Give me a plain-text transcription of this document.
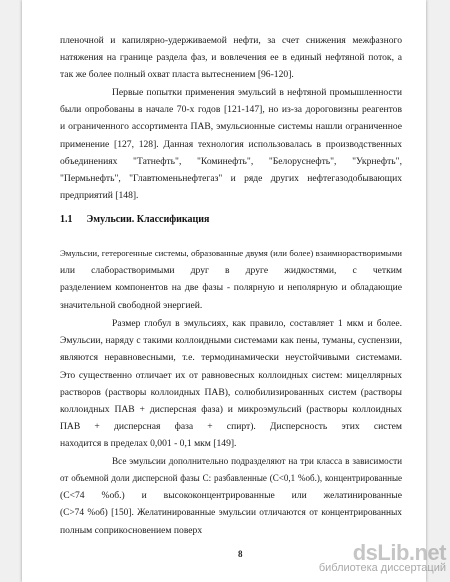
пленочной и капилярно-удерживаемой нефти, за счет снижения межфазного
натяжения на границе раздела фаз, и вовлечения ее в единый нефтяной поток, а
так же более полный охват пласта вытеснением [96-120].
Первые попытки применения эмульсий в нефтяной промышленности
были опробованы в начале 70-х годов [121-147], но из-за дороговизны реагентов
и ограниченного ассортимента ПАВ, эмульсионные системы нашли ограниченное
применение [127, 128]. Данная технология использовалась в производственных
объединениях "Татнефть", "Коминефть", "Белоруснефть", "Укрнефть",
"Пермьнефть", "Главтюменьнефтегаз" и ряде других нефтегазодобывающих
предприятий [148].
1.1 Эмульсии. Классификация
Эмульсии, гетерогенные системы, образованные двумя (или более) взаимнорастворимыми
или слаборастворимыми друг в друге жидкостями, с четким
разделением компонентов на две фазы - полярную и неполярную и обладающие
значительной свободной энергией.
Размер глобул в эмульсиях, как правило, составляет 1 мкм и более.
Эмульсии, наряду с такими коллоидными системами как пены, туманы, суспензии,
являются неравновесными, т.е. термодинамически неустойчивыми системами.
Это существенно отличает их от равновесных коллоидных систем: мицеллярных
растворов (растворы коллоидных ПАВ), солюбилизированных систем (растворы
коллоидных ПАВ + дисперсная фаза) и микроэмульсий (растворы коллоидных
ПАВ + дисперсная фаза + спирт). Дисперсность этих систем
находится в пределах 0,001 - 0,1 мкм [149].
Все эмульсии дополнительно подразделяют на три класса в зависимости
от объемной доли дисперсной фазы С: разбавленные (С<0,1 %об.), концентрированные
(С<74 %об.) и высококонцентрированные или желатинированные
(С>74 %об) [150]. Желатинированные эмульсии отличаются от концентрированных
полным соприкосновением поверх
8	dsLib.net
библиотека диссертаций
